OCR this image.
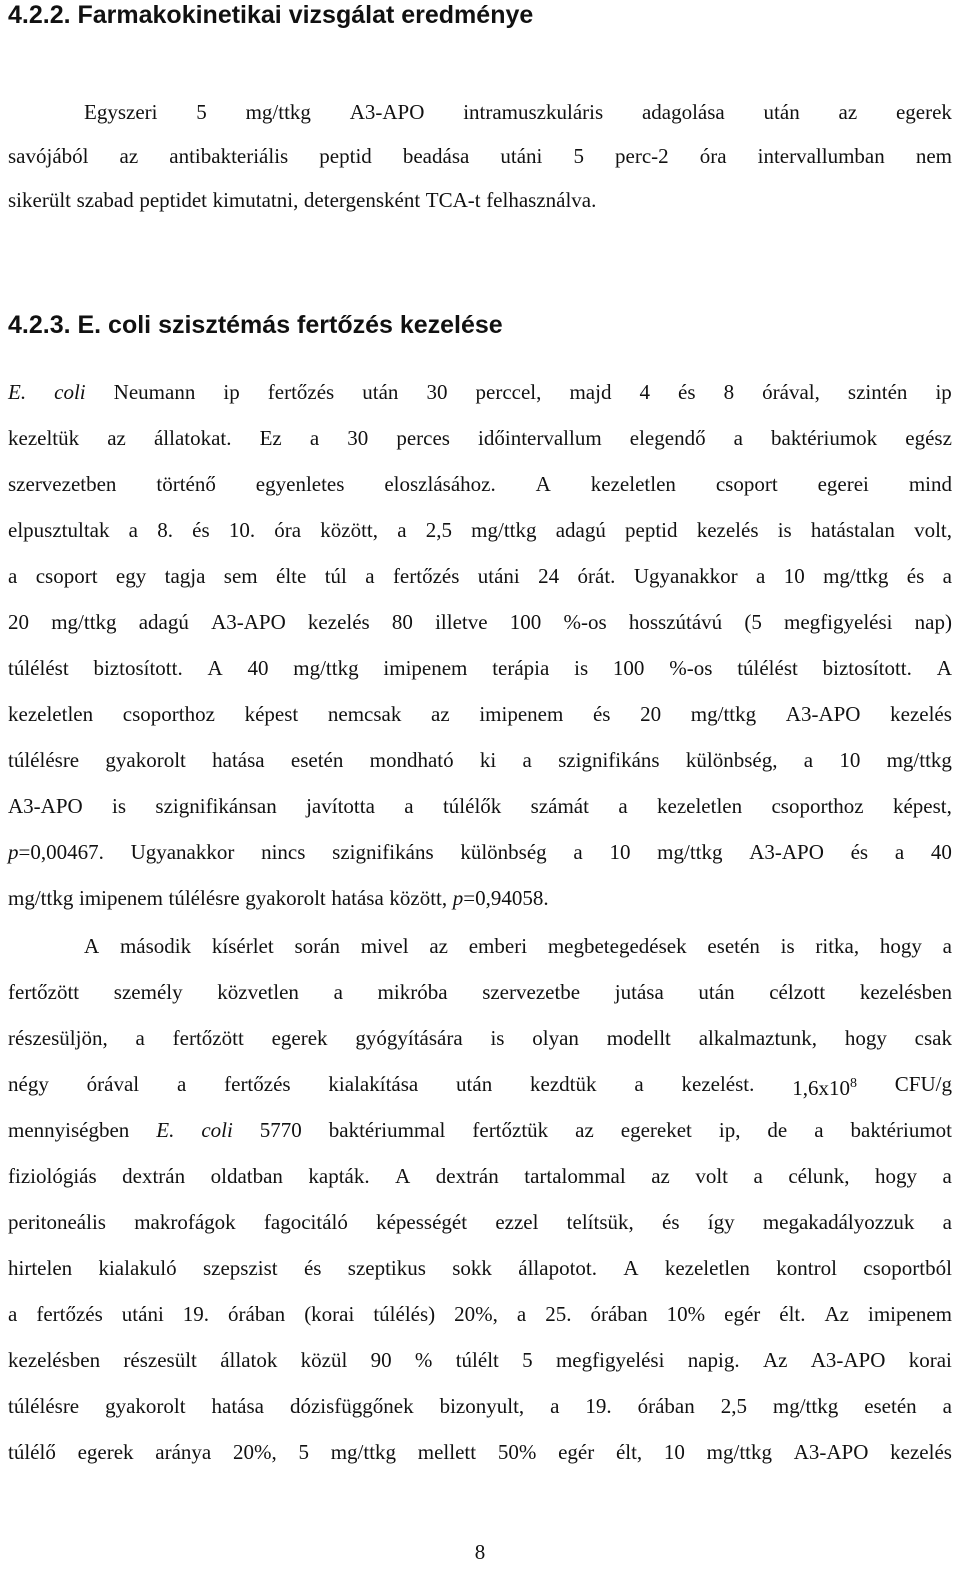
4.2.2. Farmakokinetikai vizsgálat eredménye
Egyszeri 5 mg/ttkg A3-APO intramuszkuláris adagolása után az egerek
savójából az antibakteriális peptid beadása utáni 5 perc-2 óra intervallumban nem
sikerült szabad peptidet kimutatni, detergensként TCA-t felhasználva.
4.2.3. E. coli szisztémás fertőzés kezelése
E. coli Neumann ip fertőzés után 30 perccel, majd 4 és 8 órával, szintén ip
kezeltük az állatokat. Ez a 30 perces időintervallum elegendő a baktériumok egész
szervezetben történő egyenletes eloszlásához. A kezeletlen csoport egerei mind
elpusztultak a 8. és 10. óra között, a 2,5 mg/ttkg adagú peptid kezelés is hatástalan volt,
a csoport egy tagja sem élte túl a fertőzés utáni 24 órát. Ugyanakkor a 10 mg/ttkg és a
20 mg/ttkg adagú A3-APO kezelés 80 illetve 100 %-os hosszútávú (5 megfigyelési nap)
túlélést biztosított. A 40 mg/ttkg imipenem terápia is 100 %-os túlélést biztosított. A
kezeletlen csoporthoz képest nemcsak az imipenem és 20 mg/ttkg A3-APO kezelés
túlélésre gyakorolt hatása esetén mondható ki a szignifikáns különbség, a 10 mg/ttkg
A3-APO is szignifikánsan javította a túlélők számát a kezeletlen csoporthoz képest,
p=0,00467. Ugyanakkor nincs szignifikáns különbség a 10 mg/ttkg A3-APO és a 40
mg/ttkg imipenem túlélésre gyakorolt hatása között, p=0,94058.
A második kísérlet során mivel az emberi megbetegedések esetén is ritka, hogy a
fertőzött személy közvetlen a mikróba szervezetbe jutása után célzott kezelésben
részesüljön, a fertőzött egerek gyógyítására is olyan modellt alkalmaztunk, hogy csak
négy órával a fertőzés kialakítása után kezdtük a kezelést. $1,6x10^8$ CFU/g
mennyiségben E. coli 5770 baktériummal fertőztük az egereket ip, de a baktériumot
fiziológiás dextrán oldatban kapták. A dextrán tartalommal az volt a célunk, hogy a
peritoneális makrofágok fagocitáló képességét ezzel telítsük, és így megakadályozzuk a
hirtelen kialakuló szepszist és szeptikus sokk állapotot. A kezeletlen kontrol csoportból
a fertőzés utáni 19. órában (korai túlélés) 20%, a 25. órában 10% egér élt. Az imipenem
kezelésben részesült állatok közül 90 % túlélt 5 megfigyelési napig. Az A3-APO korai
túlélésre gyakorolt hatása dózisfüggőnek bizonyult, a 19. órában 2,5 mg/ttkg esetén a
túlélő egerek aránya 20%, 5 mg/ttkg mellett 50% egér élt, 10 mg/ttkg A3-APO kezelés
8
